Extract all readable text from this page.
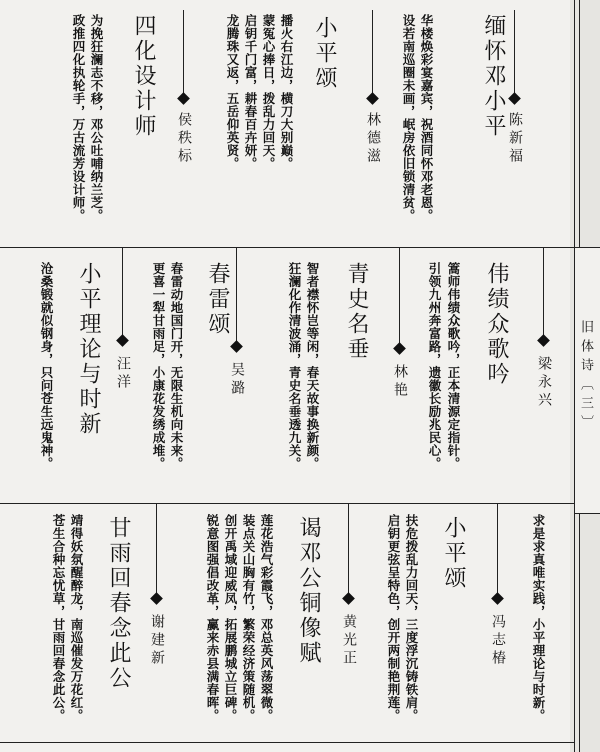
旧体诗〔三〕
缅怀邓小平 陈新福
华楼焕彩宴嘉宾，祝酒同怀邓老恩。
设若南巡圈未画，岷房依旧锁清贫。
小平颂
林德滋
播火右江边，横刀大别巅。
蒙冤心捧日，拨乱力回天。
启钥千门富，耕春百卉妍。
龙腾珠又返，五岳仰英贤。
四化设计师 侯秩标
为挽狂澜志不移，邓公吐哺纳兰芝。
政推四化执轮手，万古流芳设计师。
伟绩众歌吟 梁永兴
篙师伟绩众歌吟，正本清源定指针。
引领九州奔富路，遗徽长励兆民心。
青史名垂
林艳
智者襟怀岂等闲，春天故事换新颜。
狂澜化作清波涌，青史名垂透九关。
春雷颂
吴潞
春雷动地国门开，无限生机向未来。
更喜一犁甘雨足，小康花发绣成堆。
小平理论与时新 汪洋
沧桑锻就似钢身，只问苍生远鬼神。
求是求真唯实践，小平理论与时新。
小平颂
冯志椿
扶危拨乱力回天，三度浮沉铸铁肩。
启钥更弦呈特色，创开两制艳荆莲。
谒邓公铜像赋 黄光正
莲花浩气彩霞飞，邓总英风荡翠微。
装点关山胸有竹，繁荣经济策随机。
创开禹域迎威凤，拓展鹏城立巨碑。
锐意图强倡改革，赢来赤县满春晖。
甘雨回春念此公 谢建新
靖得妖氛醒醉龙，南巡催发万花红。
苍生合种忘忧草，甘雨回春念此公。
